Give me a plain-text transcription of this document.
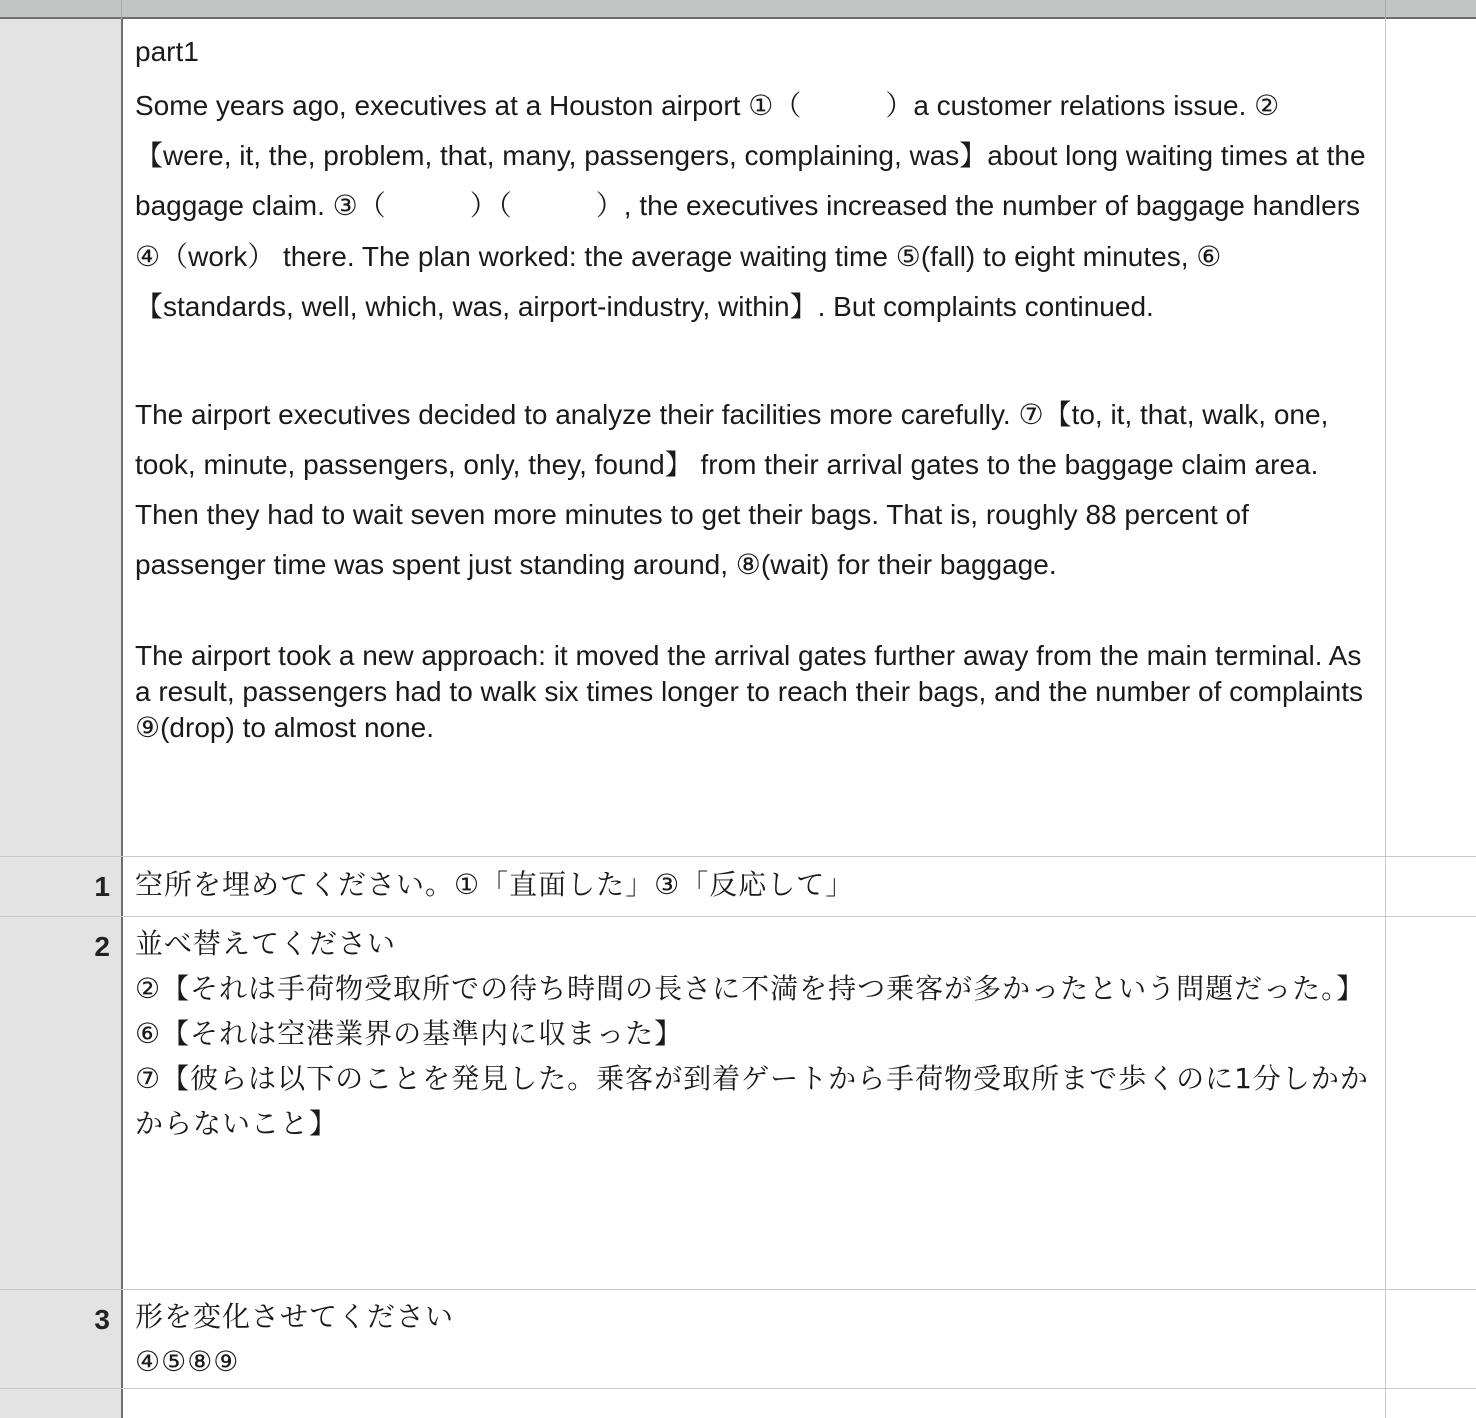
part1

Some years ago, executives at a Houston airport ①（　　　）a customer relations issue. ②【were, it, the, problem, that, many, passengers, complaining, was】about long waiting times at the baggage claim. ③（　　　）（　　　）, the executives increased the number of baggage handlers ④（work） there. The plan worked: the average waiting time ⑤(fall) to eight minutes, ⑥【standards, well, which, was, airport-industry, within】. But complaints continued.

The airport executives decided to analyze their facilities more carefully. ⑦【to, it, that, walk, one, took, minute, passengers, only, they, found】 from their arrival gates to the baggage claim area. Then they had to wait seven more minutes to get their bags. That is, roughly 88 percent of passenger time was spent just standing around, ⑧(wait) for their baggage.

The airport took a new approach: it moved the arrival gates further away from the main terminal. As a result, passengers had to walk six times longer to reach their bags, and the number of complaints ⑨(drop) to almost none.

1 空所を埋めてください。①「直面した」③「反応して」
2 並べ替えてください
②【それは手荷物受取所での待ち時間の長さに不満を持つ乗客が多かったという問題だった。】
⑥【それは空港業界の基準内に収まった】
⑦【彼らは以下のことを発見した。乗客が到着ゲートから手荷物受取所まで歩くのに1分しかかからないこと】
3 形を変化させてください
④⑤⑧⑨
